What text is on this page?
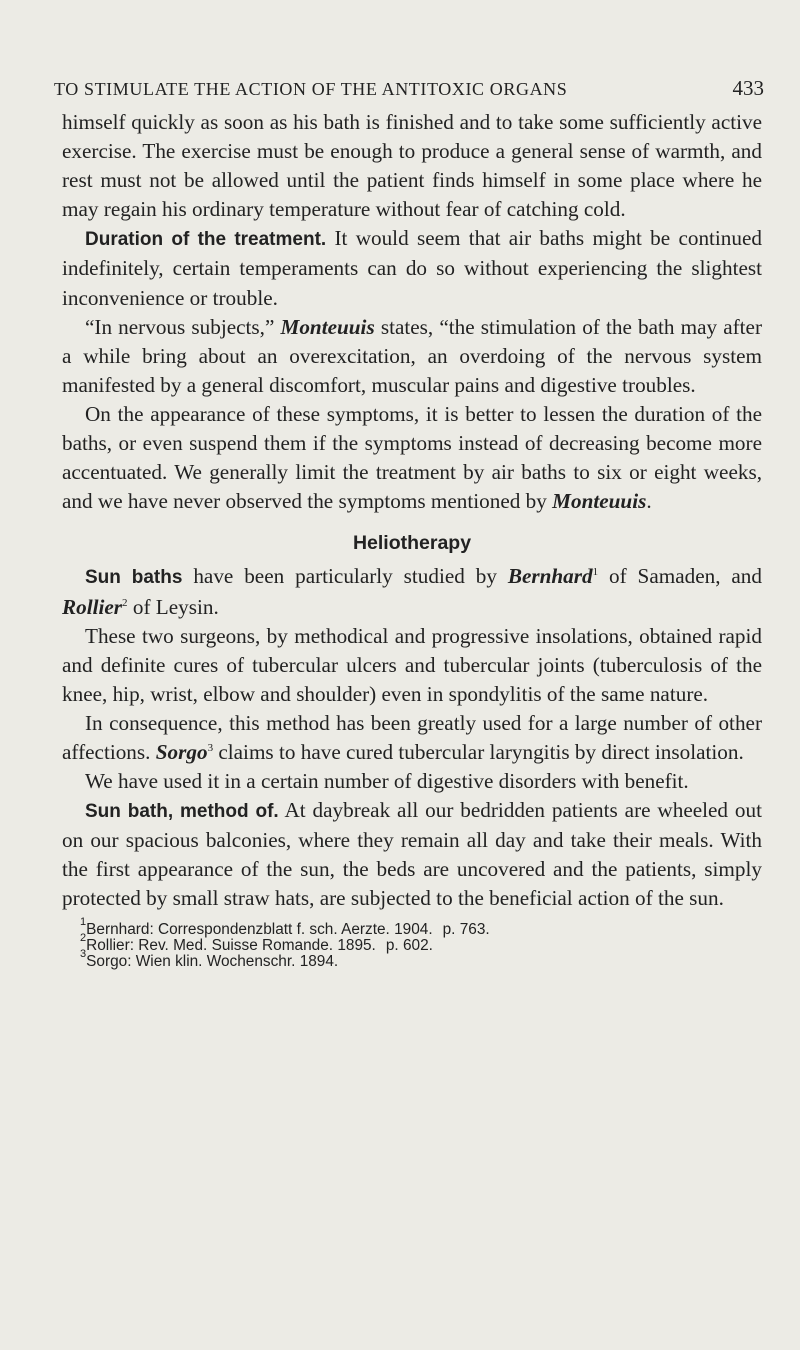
TO STIMULATE THE ACTION OF THE ANTITOXIC ORGANS	433

himself quickly as soon as his bath is finished and to take some sufficiently active exercise. The exercise must be enough to produce a general sense of warmth, and rest must not be allowed until the patient finds himself in some place where he may regain his ordinary temperature without fear of catching cold.

Duration of the treatment. It would seem that air baths might be continued indefinitely, certain temperaments can do so without experiencing the slightest inconvenience or trouble.

“In nervous subjects,” Monteuuis states, “the stimulation of the bath may after a while bring about an overexcitation, an overdoing of the nervous system manifested by a general discomfort, muscular pains and digestive troubles.

On the appearance of these symptoms, it is better to lessen the duration of the baths, or even suspend them if the symptoms instead of decreasing become more accentuated. We generally limit the treatment by air baths to six or eight weeks, and we have never observed the symptoms mentioned by Monteuuis.

Heliotherapy

Sun baths have been particularly studied by Bernhard$^1$ of Samaden, and Rollier$^2$ of Leysin.

These two surgeons, by methodical and progressive insolations, obtained rapid and definite cures of tubercular ulcers and tubercular joints (tuberculosis of the knee, hip, wrist, elbow and shoulder) even in spondylitis of the same nature.

In consequence, this method has been greatly used for a large number of other affections. Sorgo$^3$ claims to have cured tubercular laryngitis by direct insolation.

We have used it in a certain number of digestive disorders with benefit.

Sun bath, method of. At daybreak all our bedridden patients are wheeled out on our spacious balconies, where they remain all day and take their meals. With the first appearance of the sun, the beds are uncovered and the patients, simply protected by small straw hats, are subjected to the beneficial action of the sun.

1 Bernhard: Correspondenzblatt f. sch. Aerzte. 1904. p. 763.
2 Rollier: Rev. Med. Suisse Romande. 1895. p. 602.
3 Sorgo: Wien klin. Wochenschr. 1894.
